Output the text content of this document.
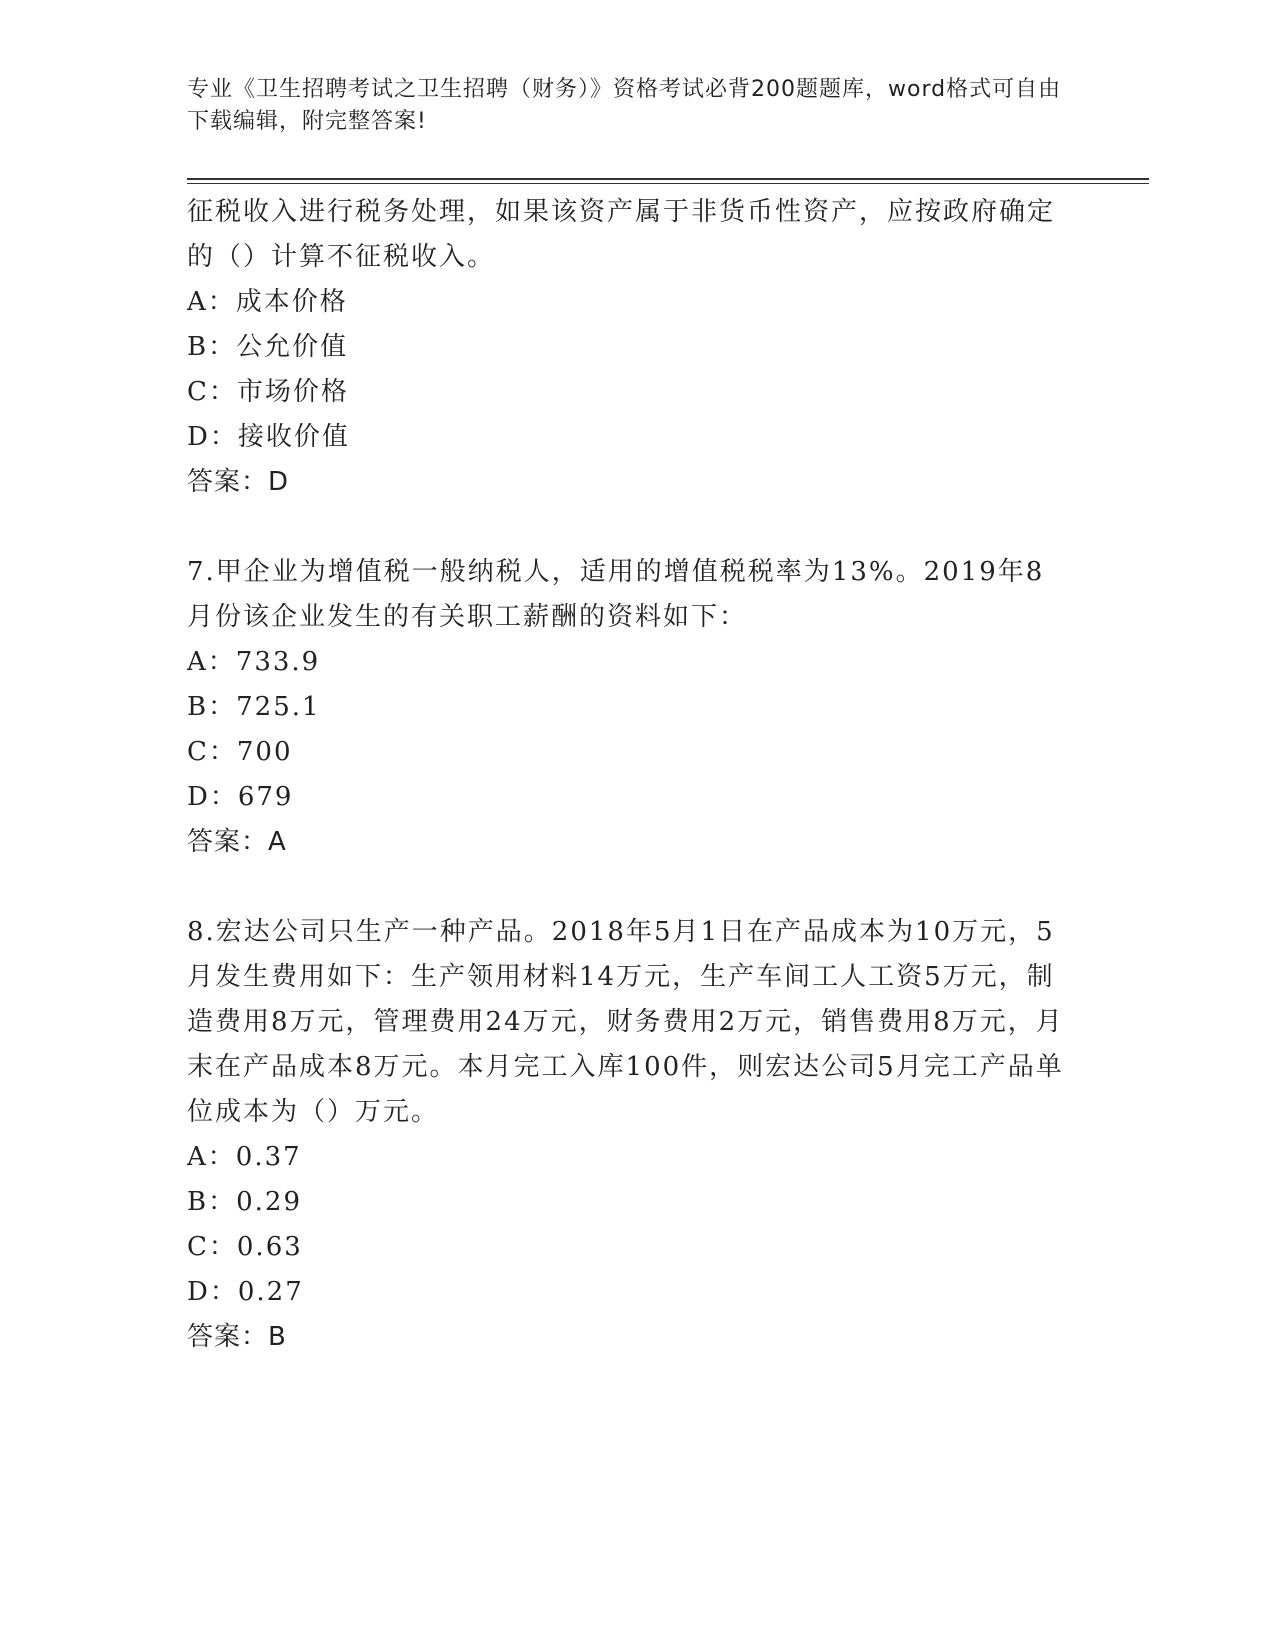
专业《卫生招聘考试之卫生招聘（财务）》资格考试必背200题题库，word格式可自由下载编辑，附完整答案!

征税收入进行税务处理，如果该资产属于非货币性资产，应按政府确定的（）计算不征税收入。

A：成本价格

B：公允价值

C：市场价格

D：接收价值

答案：D

7.甲企业为增值税一般纳税人，适用的增值税税率为13%。2019年8月份该企业发生的有关职工薪酬的资料如下：

A：733.9

B：725.1

C：700

D：679

答案：A

8.宏达公司只生产一种产品。2018年5月1日在产品成本为10万元，5月发生费用如下：生产领用材料14万元，生产车间工人工资5万元，制造费用8万元，管理费用24万元，财务费用2万元，销售费用8万元，月末在产品成本8万元。本月完工入库100件，则宏达公司5月完工产品单位成本为（）万元。

A：0.37

B：0.29

C：0.63

D：0.27

答案：B
